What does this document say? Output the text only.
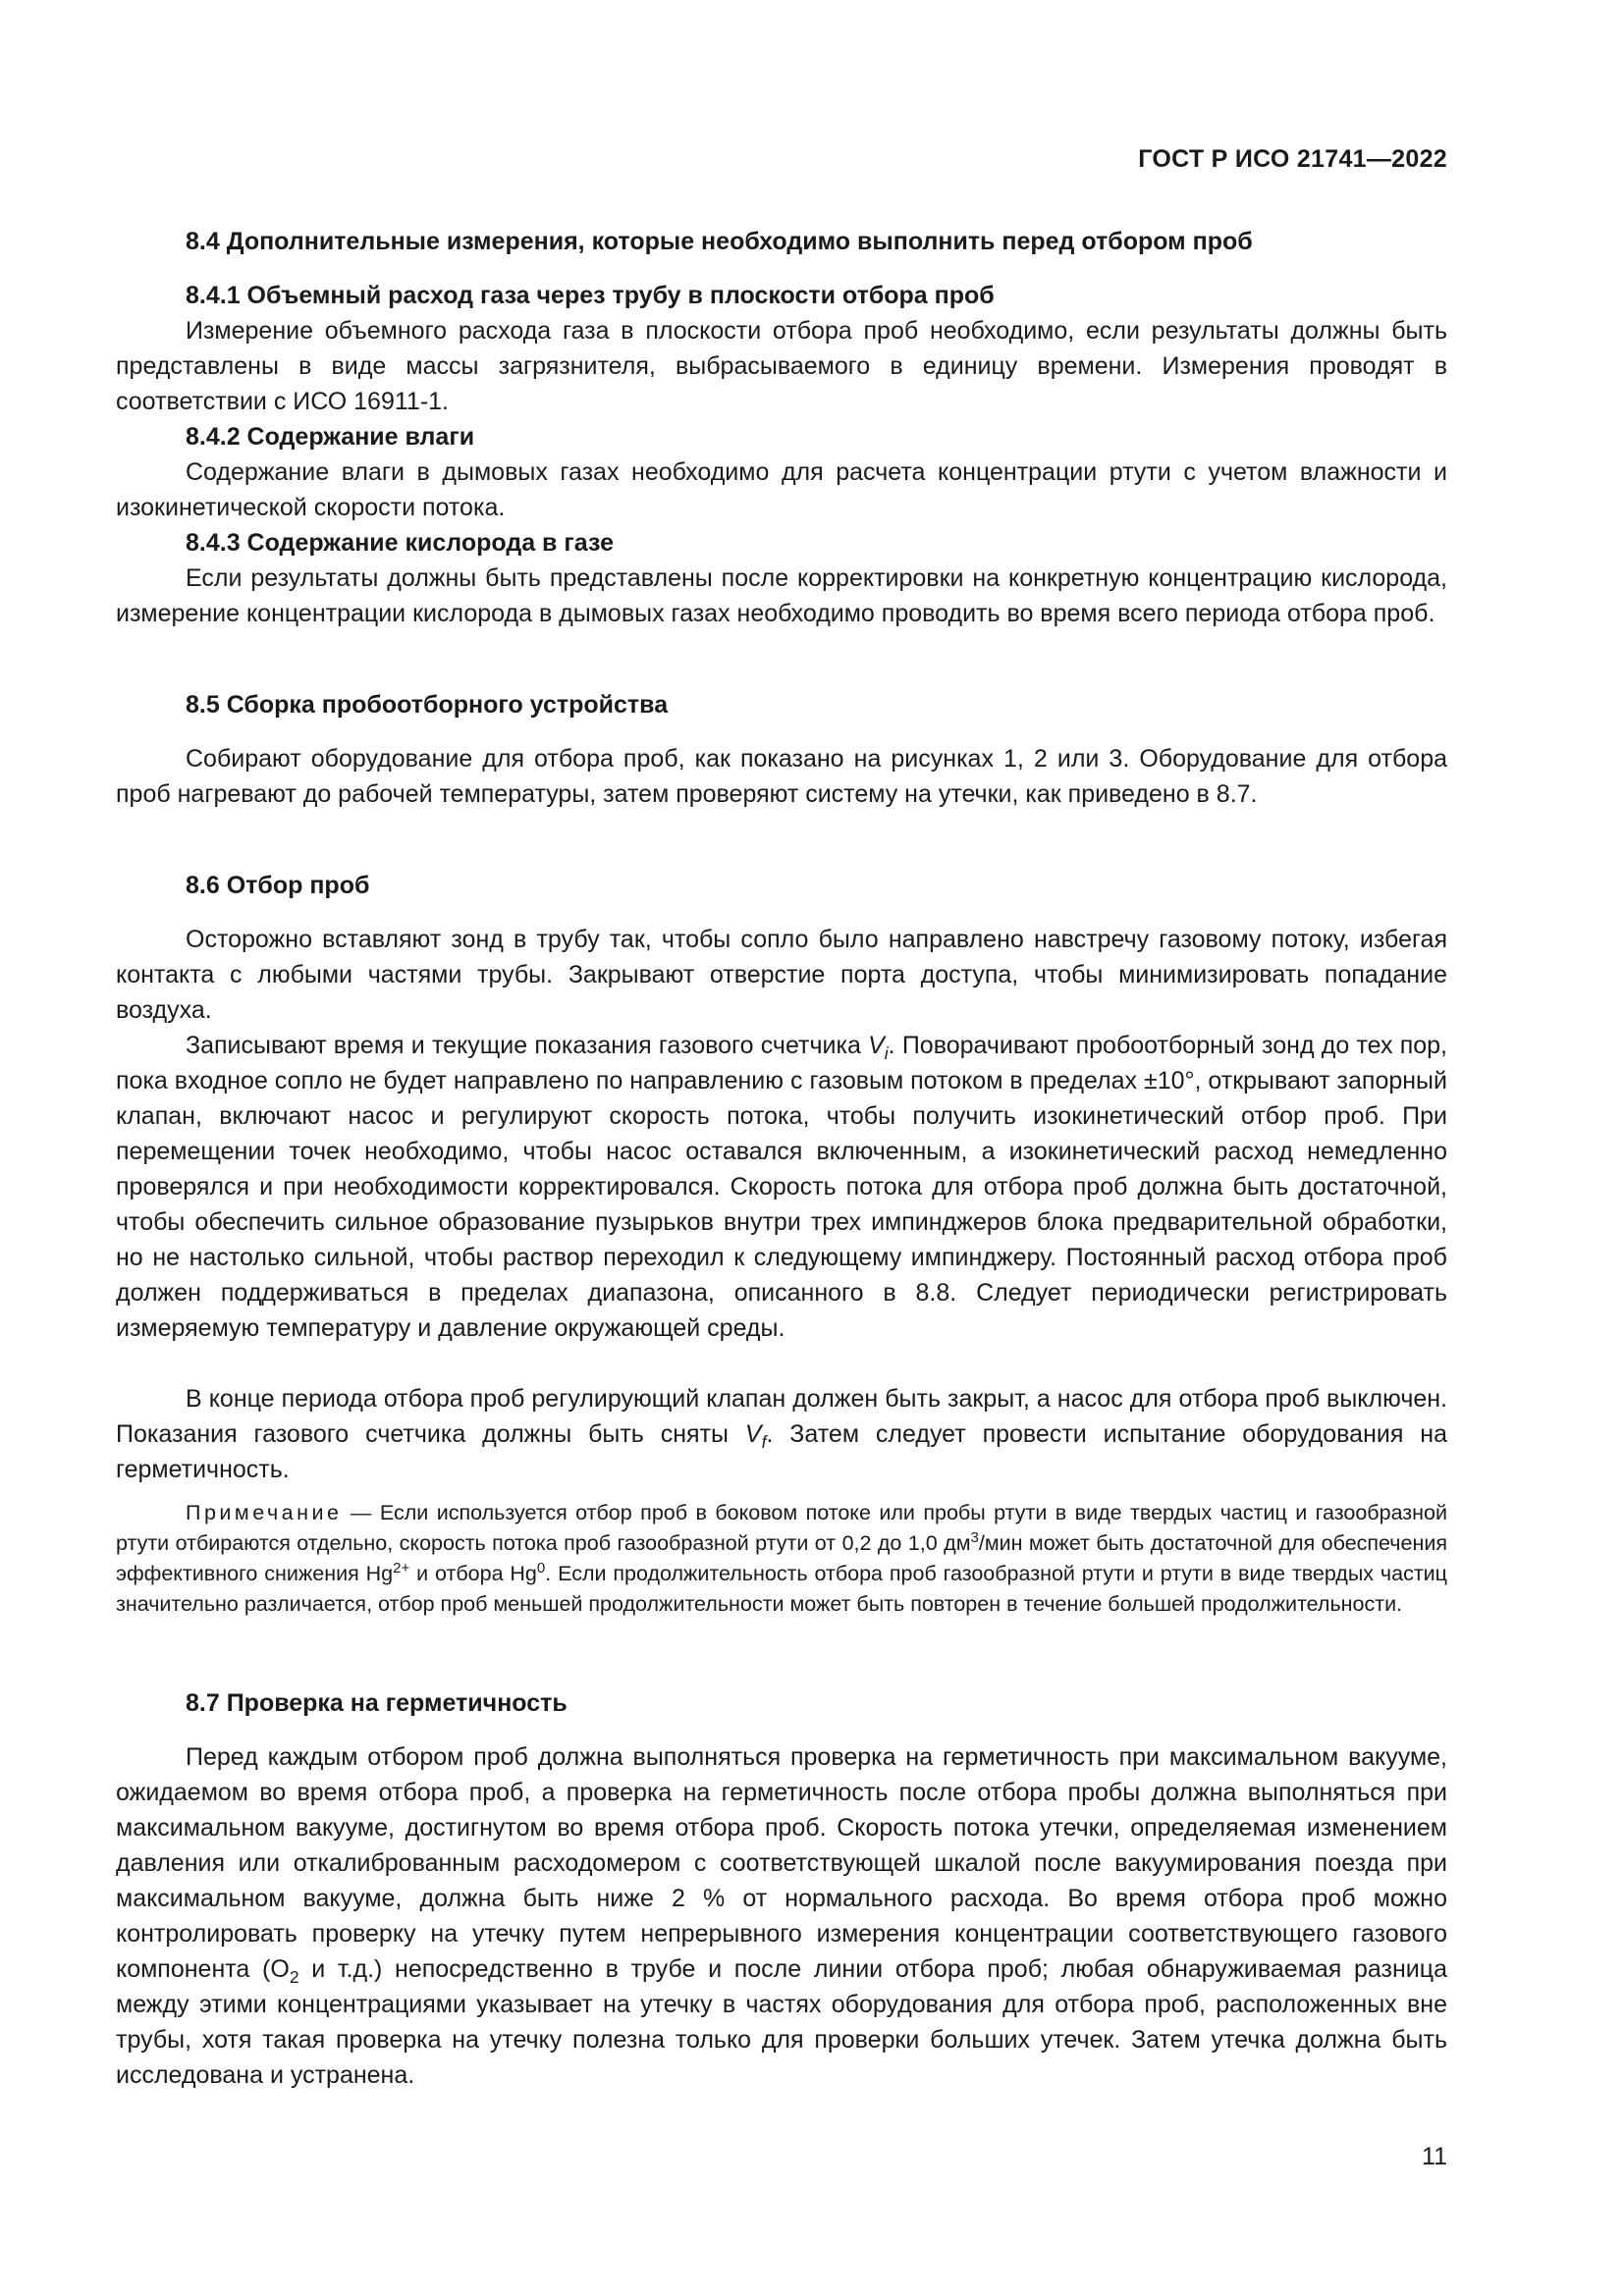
ГОСТ Р ИСО 21741—2022
8.4 Дополнительные измерения, которые необходимо выполнить перед отбором проб
8.4.1 Объемный расход газа через трубу в плоскости отбора проб
Измерение объемного расхода газа в плоскости отбора проб необходимо, если результаты должны быть представлены в виде массы загрязнителя, выбрасываемого в единицу времени. Измерения проводят в соответствии с ИСО 16911-1.
8.4.2 Содержание влаги
Содержание влаги в дымовых газах необходимо для расчета концентрации ртути с учетом влажности и изокинетической скорости потока.
8.4.3 Содержание кислорода в газе
Если результаты должны быть представлены после корректировки на конкретную концентрацию кислорода, измерение концентрации кислорода в дымовых газах необходимо проводить во время всего периода отбора проб.
8.5 Сборка пробоотборного устройства
Собирают оборудование для отбора проб, как показано на рисунках 1, 2 или 3. Оборудование для отбора проб нагревают до рабочей температуры, затем проверяют систему на утечки, как приведено в 8.7.
8.6 Отбор проб
Осторожно вставляют зонд в трубу так, чтобы сопло было направлено навстречу газовому потоку, избегая контакта с любыми частями трубы. Закрывают отверстие порта доступа, чтобы минимизировать попадание воздуха.
Записывают время и текущие показания газового счетчика $V_i$. Поворачивают пробоотборный зонд до тех пор, пока входное сопло не будет направлено по направлению с газовым потоком в пределах ±10°, открывают запорный клапан, включают насос и регулируют скорость потока, чтобы получить изокинетический отбор проб. При перемещении точек необходимо, чтобы насос оставался включенным, а изокинетический расход немедленно проверялся и при необходимости корректировался. Скорость потока для отбора проб должна быть достаточной, чтобы обеспечить сильное образование пузырьков внутри трех импинджеров блока предварительной обработки, но не настолько сильной, чтобы раствор переходил к следующему импинджеру. Постоянный расход отбора проб должен поддерживаться в пределах диапазона, описанного в 8.8. Следует периодически регистрировать измеряемую температуру и давление окружающей среды.
В конце периода отбора проб регулирующий клапан должен быть закрыт, а насос для отбора проб выключен. Показания газового счетчика должны быть сняты $V_f$. Затем следует провести испытание оборудования на герметичность.
Примечание — Если используется отбор проб в боковом потоке или пробы ртути в виде твердых частиц и газообразной ртути отбираются отдельно, скорость потока проб газообразной ртути от 0,2 до 1,0 $дм^3$/мин может быть достаточной для обеспечения эффективного снижения $Hg^{2+}$ и отбора Hg$^0$. Если продолжительность отбора проб газообразной ртути и ртути в виде твердых частиц значительно различается, отбор проб меньшей продолжительности может быть повторен в течение большей продолжительности.
8.7 Проверка на герметичность
Перед каждым отбором проб должна выполняться проверка на герметичность при максимальном вакууме, ожидаемом во время отбора проб, а проверка на герметичность после отбора пробы должна выполняться при максимальном вакууме, достигнутом во время отбора проб. Скорость потока утечки, определяемая изменением давления или откалиброванным расходомером с соответствующей шкалой после вакуумирования поезда при максимальном вакууме, должна быть ниже 2 % от нормального расхода. Во время отбора проб можно контролировать проверку на утечку путем непрерывного измерения концентрации соответствующего газового компонента ($O_2$ и т.д.) непосредственно в трубе и после линии отбора проб; любая обнаруживаемая разница между этими концентрациями указывает на утечку в частях оборудования для отбора проб, расположенных вне трубы, хотя такая проверка на утечку полезна только для проверки больших утечек. Затем утечка должна быть исследована и устранена.
11
